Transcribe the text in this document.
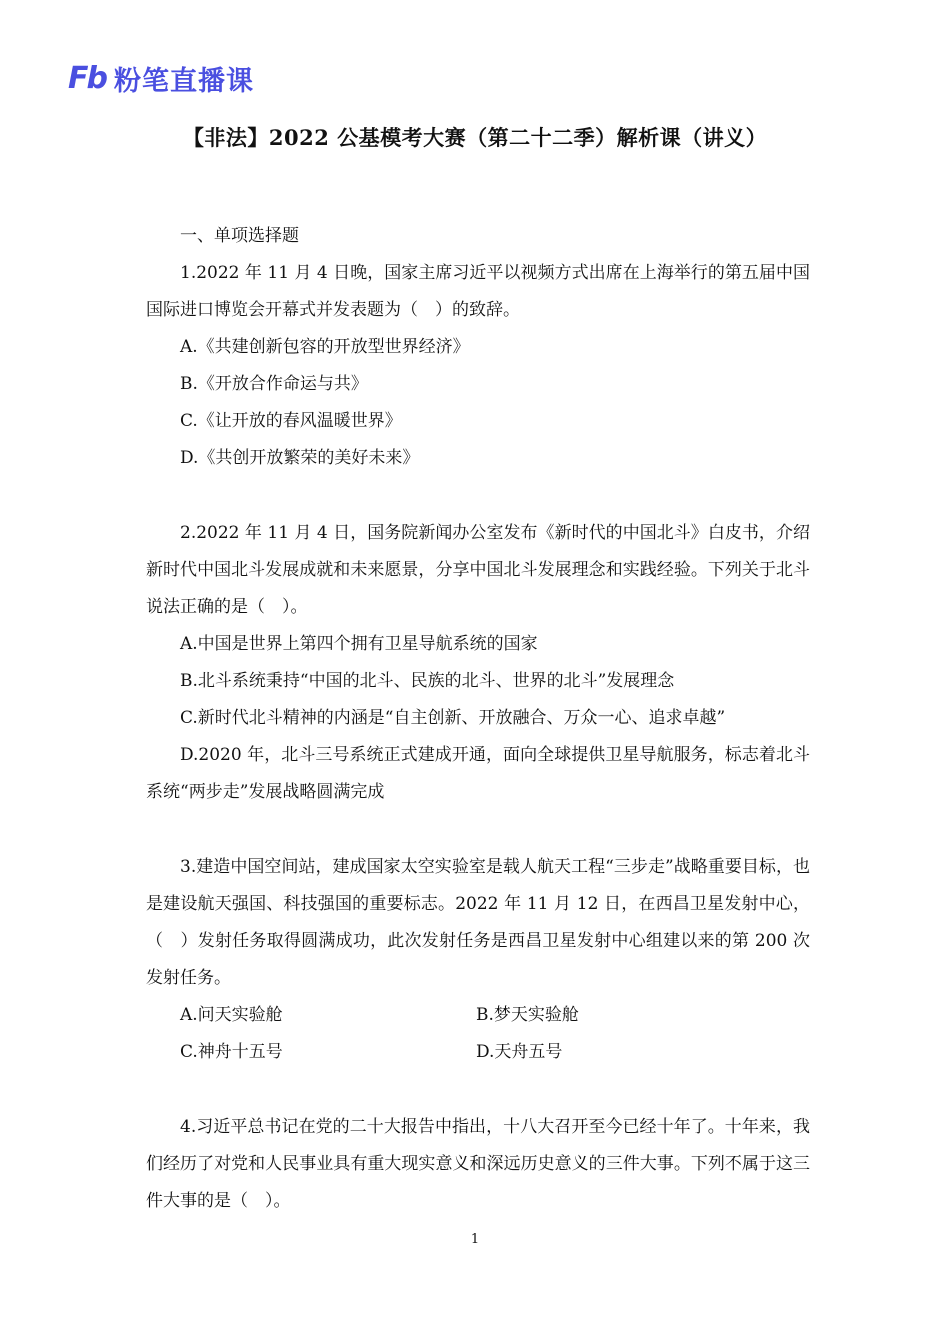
Fb 粉笔直播课
【非法】2022 公基模考大赛（第二十二季）解析课（讲义）

一、单项选择题

1.2022 年 11 月 4 日晚，国家主席习近平以视频方式出席在上海举行的第五届中国国际进口博览会开幕式并发表题为（　）的致辞。

A.《共建创新包容的开放型世界经济》

B.《开放合作命运与共》

C.《让开放的春风温暖世界》

D.《共创开放繁荣的美好未来》

2.2022 年 11 月 4 日，国务院新闻办公室发布《新时代的中国北斗》白皮书，介绍新时代中国北斗发展成就和未来愿景，分享中国北斗发展理念和实践经验。下列关于北斗说法正确的是（　）。

A.中国是世界上第四个拥有卫星导航系统的国家

B.北斗系统秉持“中国的北斗、民族的北斗、世界的北斗”发展理念

C.新时代北斗精神的内涵是“自主创新、开放融合、万众一心、追求卓越”

D.2020 年，北斗三号系统正式建成开通，面向全球提供卫星导航服务，标志着北斗系统“两步走”发展战略圆满完成

3.建造中国空间站，建成国家太空实验室是载人航天工程“三步走”战略重要目标，也是建设航天强国、科技强国的重要标志。2022 年 11 月 12 日，在西昌卫星发射中心，（　）发射任务取得圆满成功，此次发射任务是西昌卫星发射中心组建以来的第 200 次发射任务。

A.问天实验舱	B.梦天实验舱
C.神舟十五号	D.天舟五号

4.习近平总书记在党的二十大报告中指出，十八大召开至今已经十年了。十年来，我们经历了对党和人民事业具有重大现实意义和深远历史意义的三件大事。下列不属于这三件大事的是（　）。

1
